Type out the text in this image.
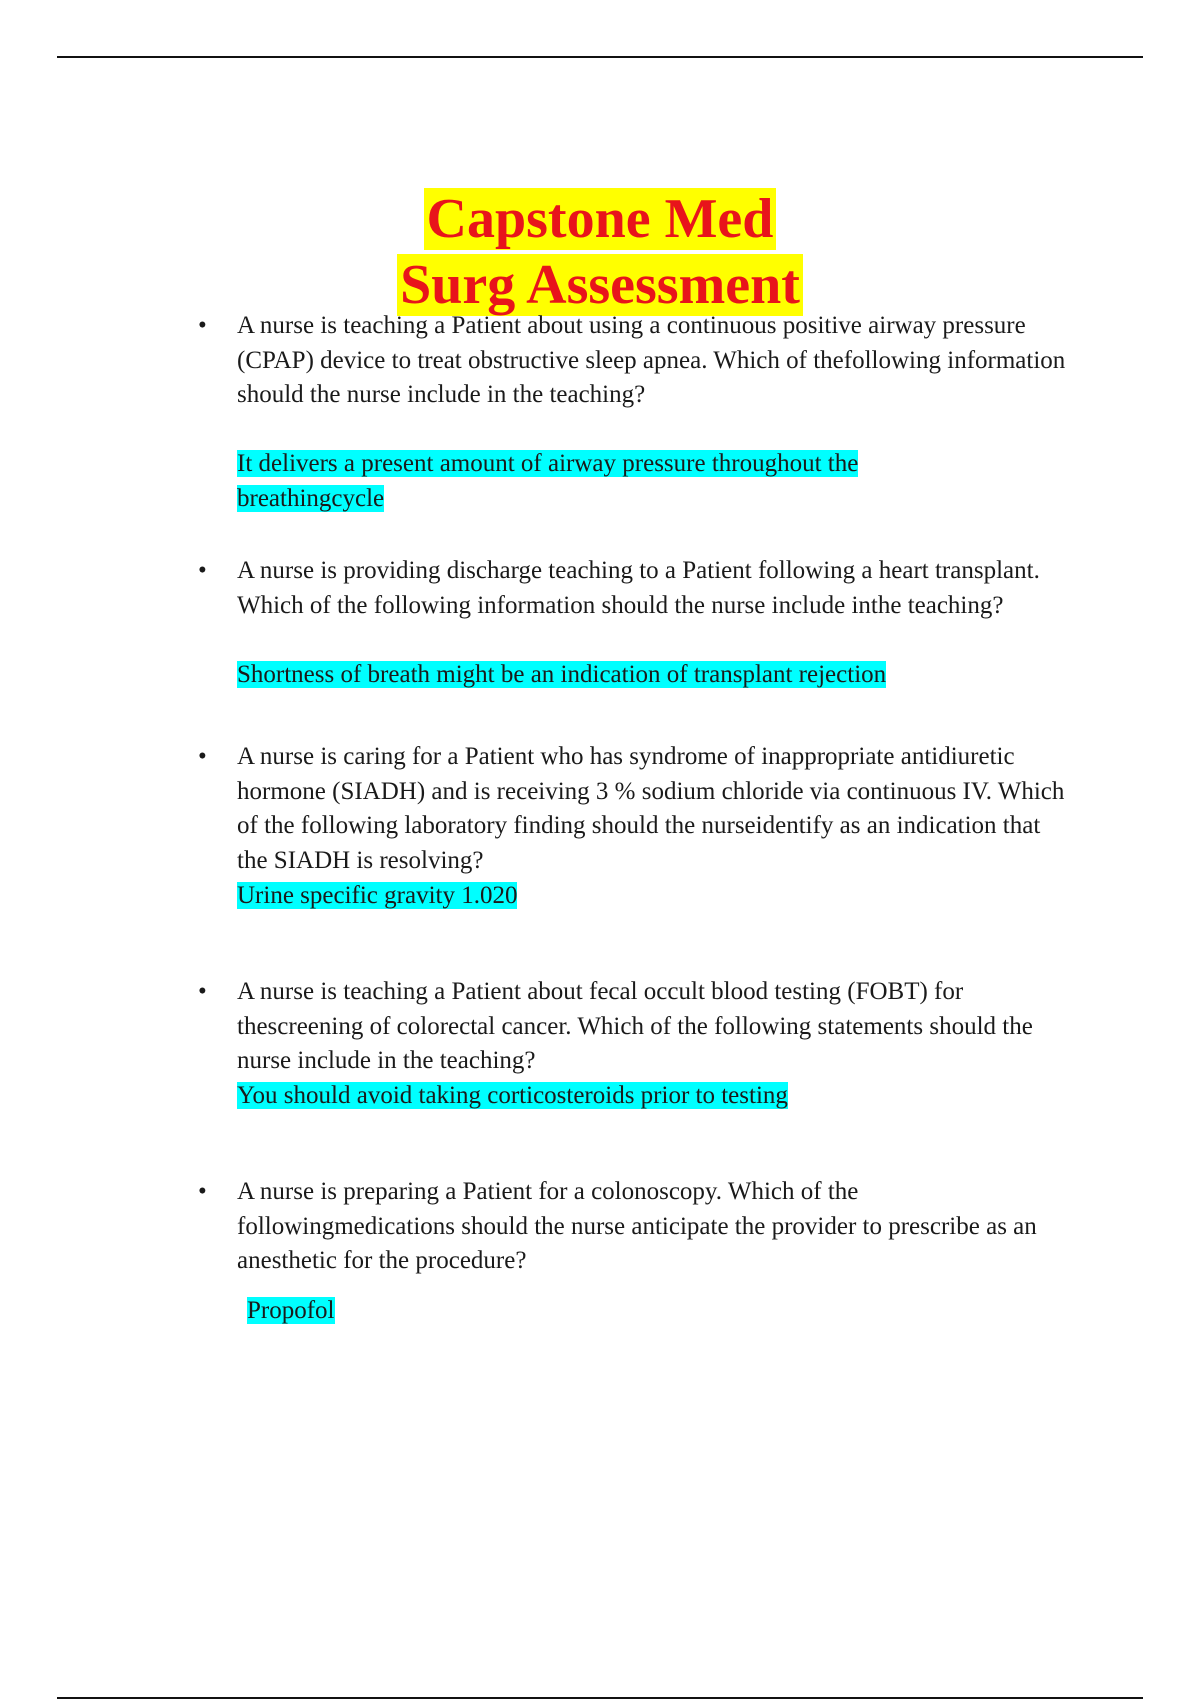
Capstone Med
Surg Assessment
• A nurse is teaching a Patient about using a continuous positive airway pressure (CPAP) device to treat obstructive sleep apnea. Which of thefollowing information should the nurse include in the teaching?

It delivers a present amount of airway pressure throughout the breathingcycle

• A nurse is providing discharge teaching to a Patient following a heart transplant. Which of the following information should the nurse include inthe teaching?

Shortness of breath might be an indication of transplant rejection

• A nurse is caring for a Patient who has syndrome of inappropriate antidiuretic hormone (SIADH) and is receiving 3 % sodium chloride via continuous IV. Which of the following laboratory finding should the nurseidentify as an indication that the SIADH is resolving?

Urine specific gravity 1.020

• A nurse is teaching a Patient about fecal occult blood testing (FOBT) for thescreening of colorectal cancer. Which of the following statements should the nurse include in the teaching?

You should avoid taking corticosteroids prior to testing

• A nurse is preparing a Patient for a colonoscopy. Which of the followingmedications should the nurse anticipate the provider to prescribe as an anesthetic for the procedure?

Propofol
